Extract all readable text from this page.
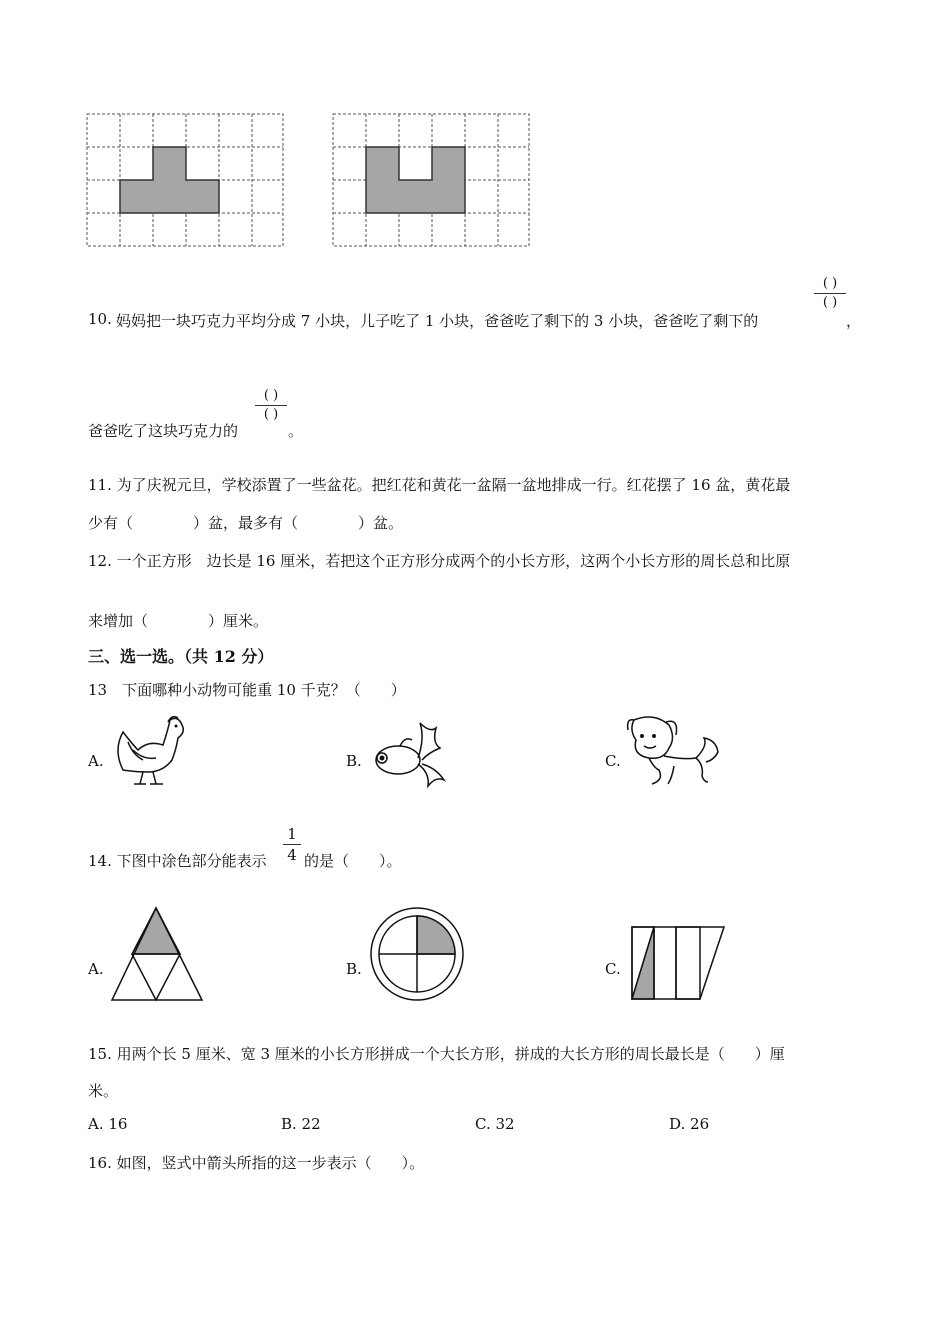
10. 妈妈把一块巧克力平均分成 7 小块，儿子吃了 1 小块，爸爸吃了剩下的 3 小块，爸爸吃了剩下的
( )
( )
，
爸爸吃了这块巧克力的
( )
( )
。
11. 为了庆祝元旦，学校添置了一些盆花。把红花和黄花一盆隔一盆地排成一行。红花摆了 16 盆，黄花最
少有（　　　　）盆，最多有（　　　　）盆。
12. 一个正方形　边长是 16 厘米，若把这个正方形分成两个的小长方形，这两个小长方形的周长总和比原
来增加（　　　　）厘米。
三、选一选。（共 12 分）
13　下面哪种小动物可能重 10 千克？（　　）
A.	B.	C.
14. 下图中涂色部分能表示
1
4 的是（　　）。
A.	B.	C.
15. 用两个长 5 厘米、宽 3 厘米的小长方形拼成一个大长方形，拼成的大长方形的周长最长是（　　）厘
米。
A. 16	B. 22	C. 32	D. 26
16. 如图，竖式中箭头所指的这一步表示（　　）。
